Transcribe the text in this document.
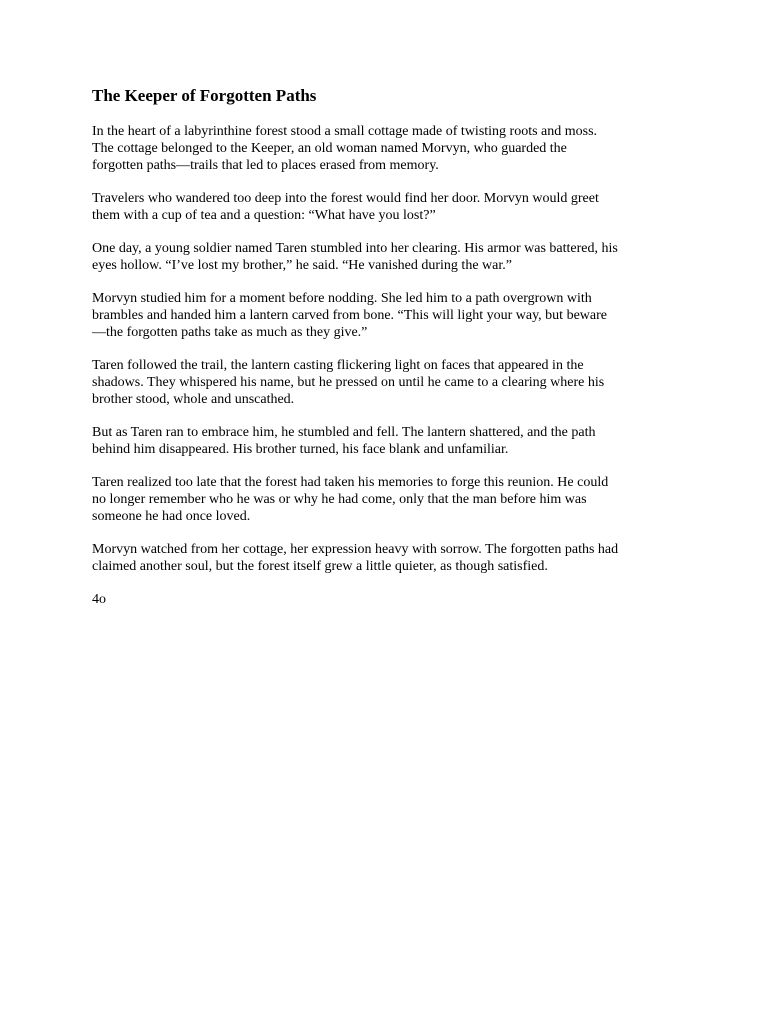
The Keeper of Forgotten Paths

In the heart of a labyrinthine forest stood a small cottage made of twisting roots and moss.
The cottage belonged to the Keeper, an old woman named Morvyn, who guarded the
forgotten paths—trails that led to places erased from memory.

Travelers who wandered too deep into the forest would find her door. Morvyn would greet
them with a cup of tea and a question: “What have you lost?”

One day, a young soldier named Taren stumbled into her clearing. His armor was battered, his
eyes hollow. “I’ve lost my brother,” he said. “He vanished during the war.”

Morvyn studied him for a moment before nodding. She led him to a path overgrown with
brambles and handed him a lantern carved from bone. “This will light your way, but beware
—the forgotten paths take as much as they give.”

Taren followed the trail, the lantern casting flickering light on faces that appeared in the
shadows. They whispered his name, but he pressed on until he came to a clearing where his
brother stood, whole and unscathed.

But as Taren ran to embrace him, he stumbled and fell. The lantern shattered, and the path
behind him disappeared. His brother turned, his face blank and unfamiliar.

Taren realized too late that the forest had taken his memories to forge this reunion. He could
no longer remember who he was or why he had come, only that the man before him was
someone he had once loved.

Morvyn watched from her cottage, her expression heavy with sorrow. The forgotten paths had
claimed another soul, but the forest itself grew a little quieter, as though satisfied.

4o
